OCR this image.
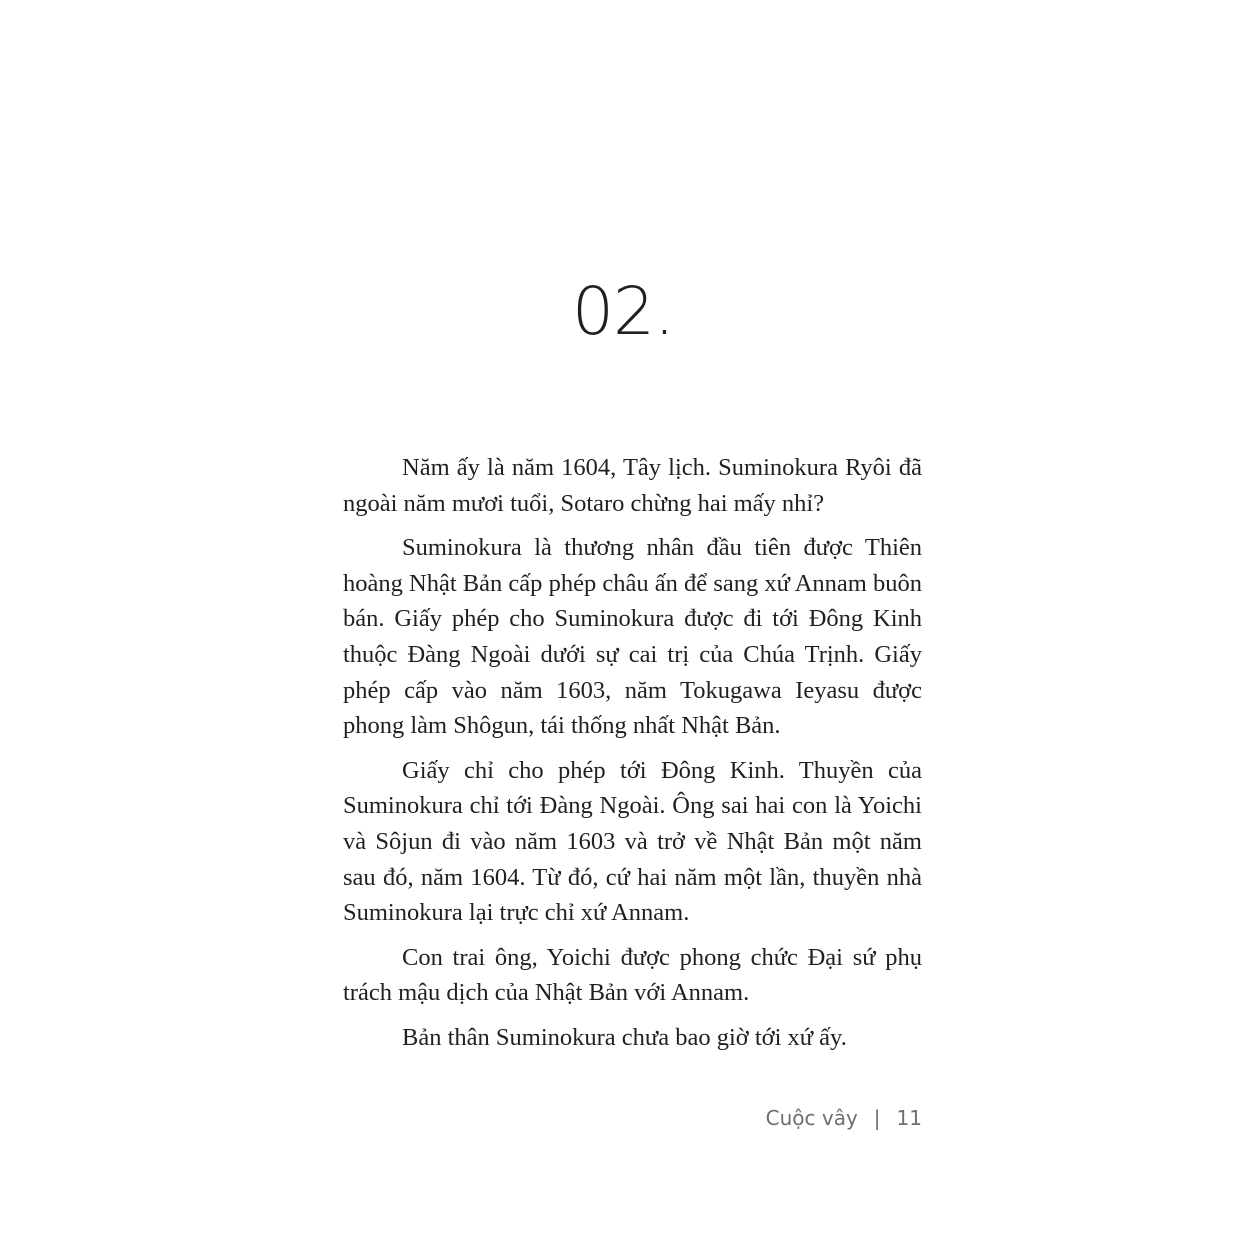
02.

Năm ấy là năm 1604, Tây lịch. Suminokura Ryôi đã ngoài năm mươi tuổi, Sotaro chừng hai mấy nhỉ?

Suminokura là thương nhân đầu tiên được Thiên hoàng Nhật Bản cấp phép châu ấn để sang xứ Annam buôn bán. Giấy phép cho Suminokura được đi tới Đông Kinh thuộc Đàng Ngoài dưới sự cai trị của Chúa Trịnh. Giấy phép cấp vào năm 1603, năm Tokugawa Ieyasu được phong làm Shôgun, tái thống nhất Nhật Bản.

Giấy chỉ cho phép tới Đông Kinh. Thuyền của Suminokura chỉ tới Đàng Ngoài. Ông sai hai con là Yoichi và Sôjun đi vào năm 1603 và trở về Nhật Bản một năm sau đó, năm 1604. Từ đó, cứ hai năm một lần, thuyền nhà Suminokura lại trực chỉ xứ Annam.

Con trai ông, Yoichi được phong chức Đại sứ phụ trách mậu dịch của Nhật Bản với Annam.

Bản thân Suminokura chưa bao giờ tới xứ ấy.

Cuộc vây | 11
